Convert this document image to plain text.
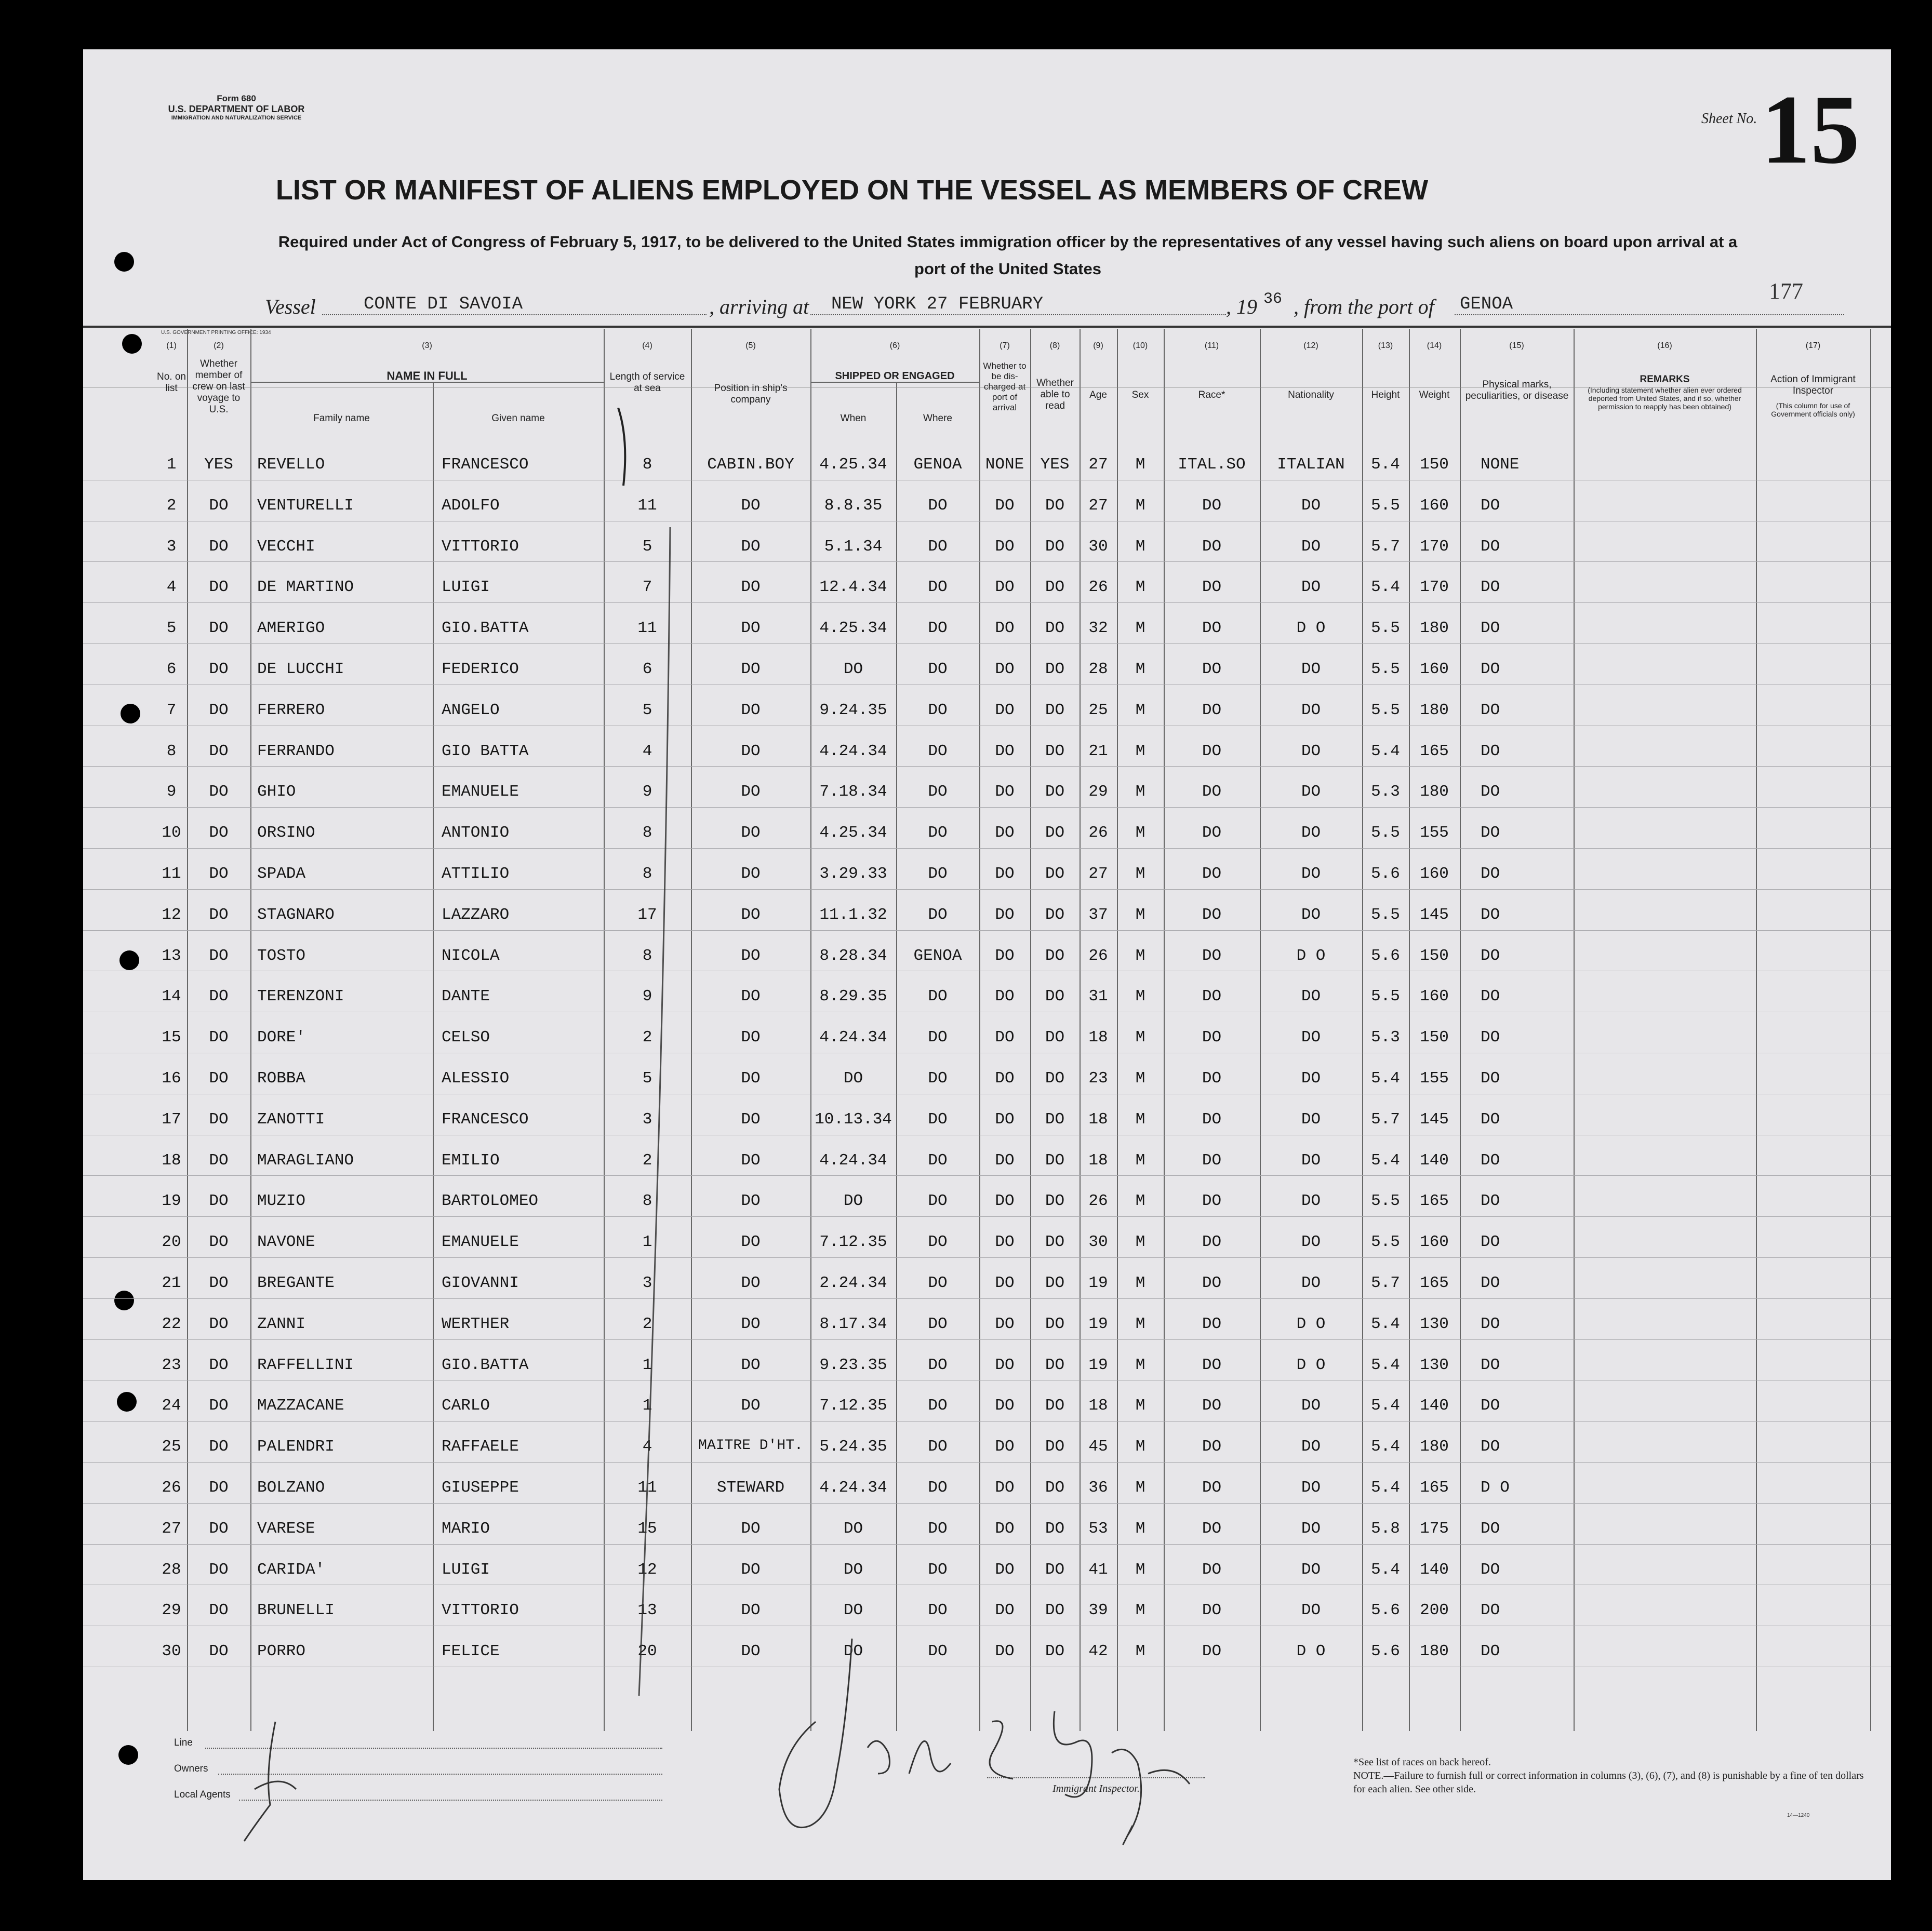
Form 680
U.S. DEPARTMENT OF LABOR
IMMIGRATION AND NATURALIZATION SERVICE	Sheet No. 15
LIST OR MANIFEST OF ALIENS EMPLOYED ON THE VESSEL AS MEMBERS OF CREW
Required under Act of Congress of February 5, 1917, to be delivered to the United States immigration officer by the representatives of any vessel having such aliens on board upon arrival at a
port of the United States
177
Vessel	CONTE DI SAVOIA	, arriving at NEW YORK 27 FEBRUARY	, 19 36 , from the port of GENOA
U.S. GOVERNMENT PRINTING OFFICE: 1934
(1)	(2)	(3)	(4)	(5)	(6)	(7)	(8)	(9)	(10)	(11)	(12)	(13)	(14)	(15)	(16)	(17)
No. on list
Whether member of crew on last voyage to U.S.
NAME IN FULL
Family name	Given name
Length of service at sea	Position in ship's company
SHIPPED OR ENGAGED
When	Where
Whether to be dis-charged at port of arrival
Whether able to read
Age	Sex	Race*	Nationality	Height	Weight
Physical marks, peculiarities, or disease
REMARKS
(Including statement whether alien ever ordered deported from United States, and if so, whether permission to reapply has been obtained)
Action of Immigrant Inspector
(This column for use of Government officials only)
1	YES	REVELLO	FRANCESCO	8	CABIN.BOY	4.25.34	GENOA	NONE	YES	27	M	ITAL.SO	ITALIAN	5.4	150	NONE
2	DO	VENTURELLI	ADOLFO	11	DO	8.8.35	DO	DO	DO	27	M	DO	DO	5.5	160	DO
3	DO	VECCHI	VITTORIO	5	DO	5.1.34	DO	DO	DO	30	M	DO	DO	5.7	170	DO
4	DO	DE MARTINO	LUIGI	7	DO	12.4.34	DO	DO	DO	26	M	DO	DO	5.4	170	DO
5	DO	AMERIGO	GIO.BATTA	11	DO	4.25.34	DO	DO	DO	32	M	DO	D O	5.5	180	DO
6	DO	DE LUCCHI	FEDERICO	6	DO	DO	DO	DO	DO	28	M	DO	DO	5.5	160	DO
7	DO	FERRERO	ANGELO	5	DO	9.24.35	DO	DO	DO	25	M	DO	DO	5.5	180	DO
8	DO	FERRANDO	GIO BATTA	4	DO	4.24.34	DO	DO	DO	21	M	DO	DO	5.4	165	DO
9	DO	GHIO	EMANUELE	9	DO	7.18.34	DO	DO	DO	29	M	DO	DO	5.3	180	DO
10	DO	ORSINO	ANTONIO	8	DO	4.25.34	DO	DO	DO	26	M	DO	DO	5.5	155	DO
11	DO	SPADA	ATTILIO	8	DO	3.29.33	DO	DO	DO	27	M	DO	DO	5.6	160	DO
12	DO	STAGNARO	LAZZARO	17	DO	11.1.32	DO	DO	DO	37	M	DO	DO	5.5	145	DO
13	DO	TOSTO	NICOLA	8	DO	8.28.34	GENOA	DO	DO	26	M	DO	D O	5.6	150	DO
14	DO	TERENZONI	DANTE	9	DO	8.29.35	DO	DO	DO	31	M	DO	DO	5.5	160	DO
15	DO	DORE'	CELSO	2	DO	4.24.34	DO	DO	DO	18	M	DO	DO	5.3	150	DO
16	DO	ROBBA	ALESSIO	5	DO	DO	DO	DO	DO	23	M	DO	DO	5.4	155	DO
17	DO	ZANOTTI	FRANCESCO	3	DO	10.13.34	DO	DO	DO	18	M	DO	DO	5.7	145	DO
18	DO	MARAGLIANO	EMILIO	2	DO	4.24.34	DO	DO	DO	18	M	DO	DO	5.4	140	DO
19	DO	MUZIO	BARTOLOMEO	8	DO	DO	DO	DO	DO	26	M	DO	DO	5.5	165	DO
20	DO	NAVONE	EMANUELE	1	DO	7.12.35	DO	DO	DO	30	M	DO	DO	5.5	160	DO
21	DO	BREGANTE	GIOVANNI	3	DO	2.24.34	DO	DO	DO	19	M	DO	DO	5.7	165	DO
22	DO	ZANNI	WERTHER	2	DO	8.17.34	DO	DO	DO	19	M	DO	D O	5.4	130	DO
23	DO	RAFFELLINI	GIO.BATTA	1	DO	9.23.35	DO	DO	DO	19	M	DO	D O	5.4	130	DO
24	DO	MAZZACANE	CARLO	1	DO	7.12.35	DO	DO	DO	18	M	DO	DO	5.4	140	DO
25	DO	PALENDRI	RAFFAELE	4	MAITRE D'HT.	5.24.35	DO	DO	DO	45	M	DO	DO	5.4	180	DO
26	DO	BOLZANO	GIUSEPPE	11	STEWARD	4.24.34	DO	DO	DO	36	M	DO	DO	5.4	165	D O
27	DO	VARESE	MARIO	15	DO	DO	DO	DO	DO	53	M	DO	DO	5.8	175	DO
28	DO	CARIDA'	LUIGI	12	DO	DO	DO	DO	DO	41	M	DO	DO	5.4	140	DO
29	DO	BRUNELLI	VITTORIO	13	DO	DO	DO	DO	DO	39	M	DO	DO	5.6	200	DO
30	DO	PORRO	FELICE	20	DO	DO	DO	DO	DO	42	M	DO	D O	5.6	180	DO
Line
Owners
Local Agents
Immigrant Inspector.
*See list of races on back hereof.
NOTE.—Failure to furnish full or correct information in columns (3), (6), (7), and (8) is punishable by a fine of ten dollars for each alien. See other side.
14—1240
